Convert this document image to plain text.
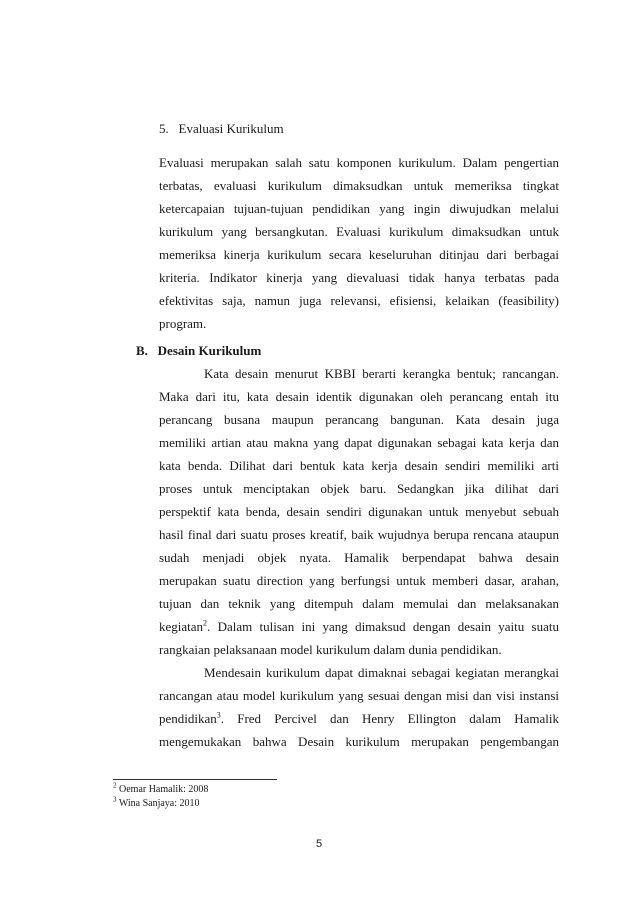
5. Evaluasi Kurikulum
Evaluasi merupakan salah satu komponen kurikulum. Dalam pengertian
terbatas, evaluasi kurikulum dimaksudkan untuk memeriksa tingkat
ketercapaian tujuan-tujuan pendidikan yang ingin diwujudkan melalui
kurikulum yang bersangkutan. Evaluasi kurikulum dimaksudkan untuk
memeriksa kinerja kurikulum secara keseluruhan ditinjau dari berbagai
kriteria. Indikator kinerja yang dievaluasi tidak hanya terbatas pada
efektivitas saja, namun juga relevansi, efisiensi, kelaikan (feasibility)
program.
B. Desain Kurikulum
Kata desain menurut KBBI berarti kerangka bentuk; rancangan.
Maka dari itu, kata desain identik digunakan oleh perancang entah itu
perancang busana maupun perancang bangunan. Kata desain juga
memiliki artian atau makna yang dapat digunakan sebagai kata kerja dan
kata benda. Dilihat dari bentuk kata kerja desain sendiri memiliki arti
proses untuk menciptakan objek baru. Sedangkan jika dilihat dari
perspektif kata benda, desain sendiri digunakan untuk menyebut sebuah
hasil final dari suatu proses kreatif, baik wujudnya berupa rencana ataupun
sudah menjadi objek nyata. Hamalik berpendapat bahwa desain
merupakan suatu direction yang berfungsi untuk memberi dasar, arahan,
tujuan dan teknik yang ditempuh dalam memulai dan melaksanakan
kegiatan$^2$. Dalam tulisan ini yang dimaksud dengan desain yaitu suatu
rangkaian pelaksanaan model kurikulum dalam dunia pendidikan.
Mendesain kurikulum dapat dimaknai sebagai kegiatan merangkai
rancangan atau model kurikulum yang sesuai dengan misi dan visi instansi
pendidikan$^3$. Fred Percivel dan Henry Ellington dalam Hamalik
mengemukakan bahwa Desain kurikulum merupakan pengembangan
$^2$ Oemar Hamalik: 2008
$^3$ Wina Sanjaya: 2010
5
